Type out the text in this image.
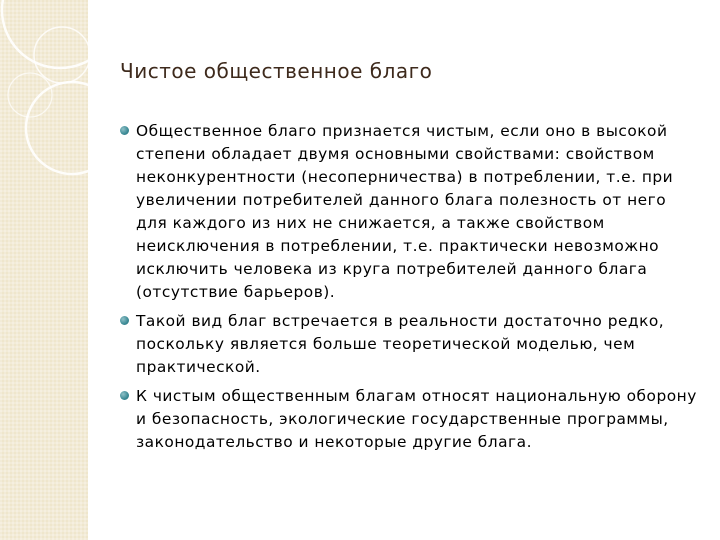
Чистое общественное благо
Общественное благо признается чистым, если оно в высокой степени обладает двумя основными свойствами: свойством неконкурентности (несоперничества) в потреблении, т.е. при увеличении потребителей данного блага полезность от него для каждого из них не снижается, а также свойством неисключения в потреблении, т.е. практически невозможно исключить человека из круга потребителей данного блага (отсутствие барьеров).
Такой вид благ встречается в реальности достаточно редко, поскольку является больше теоретической моделью, чем практической.
К чистым общественным благам относят национальную оборону и безопасность, экологические государственные программы, законодательство и некоторые другие блага.
